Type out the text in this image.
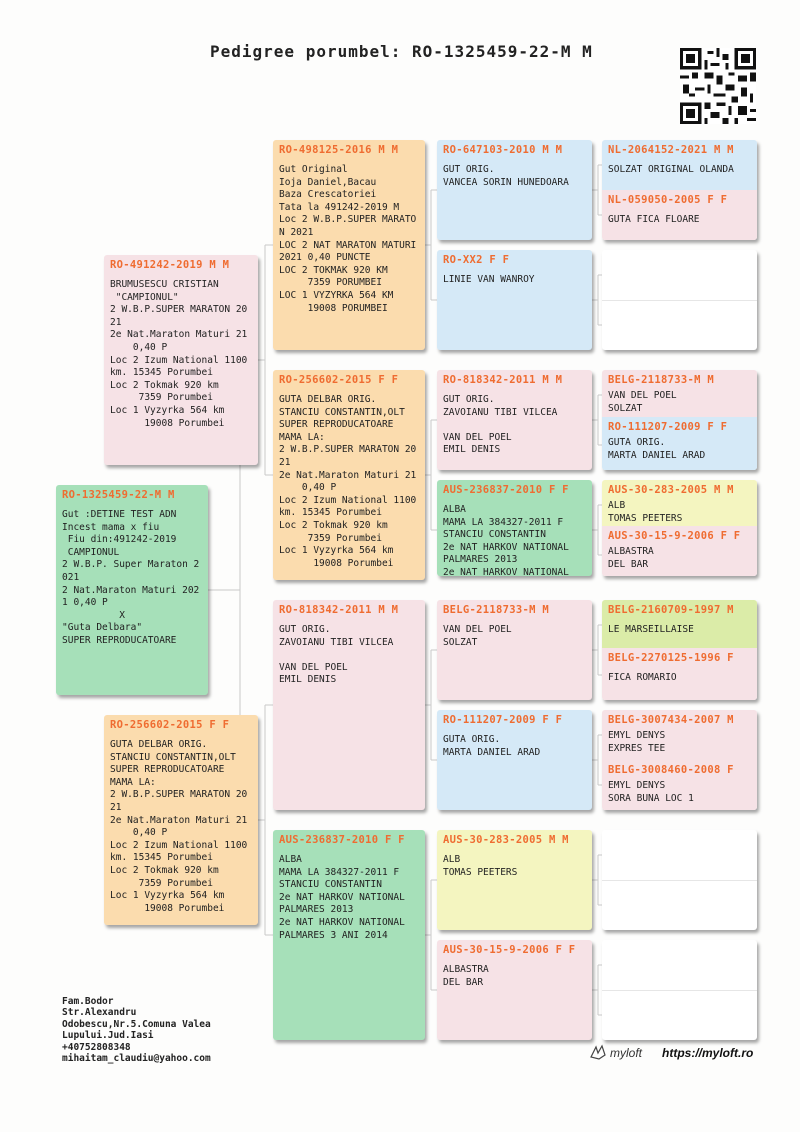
Pedigree porumbel: RO-1325459-22-M M
RO-1325459-22-M M
Gut :DETINE TEST ADN
Incest mama x fiu
Fiu din:491242-2019
CAMPIONUL
2 W.B.P. Super Maraton 2
021
2 Nat.Maraton Maturi 202
1 0,40 P
X
"Guta Delbara"
SUPER REPRODUCATOARE
RO-491242-2019 M M
BRUMUSESCU CRISTIAN
"CAMPIONUL"
2 W.B.P.SUPER MARATON 20
21
2e Nat.Maraton Maturi 21
0,40 P
Loc 2 Izum National 1100
km. 15345 Porumbei
Loc 2 Tokmak 920 km
7359 Porumbei
Loc 1 Vyzyrka 564 km
19008 Porumbei
RO-256602-2015 F F
GUTA DELBAR ORIG.
STANCIU CONSTANTIN,OLT
SUPER REPRODUCATOARE
MAMA LA:
2 W.B.P.SUPER MARATON 20
21
2e Nat.Maraton Maturi 21
0,40 P
Loc 2 Izum National 1100
km. 15345 Porumbei
Loc 2 Tokmak 920 km
7359 Porumbei
Loc 1 Vyzyrka 564 km
19008 Porumbei
RO-498125-2016 M M
Gut Original
Ioja Daniel,Bacau
Baza Crescatoriei
Tata la 491242-2019 M
Loc 2 W.B.P.SUPER MARATO
N 2021
LOC 2 NAT MARATON MATURI
2021 0,40 PUNCTE
LOC 2 TOKMAK 920 KM
7359 PORUMBEI
LOC 1 VYZYRKA 564 KM
19008 PORUMBEI
RO-256602-2015 F F
GUTA DELBAR ORIG.
STANCIU CONSTANTIN,OLT
SUPER REPRODUCATOARE
MAMA LA:
2 W.B.P.SUPER MARATON 20
21
2e Nat.Maraton Maturi 21
0,40 P
Loc 2 Izum National 1100
km. 15345 Porumbei
Loc 2 Tokmak 920 km
7359 Porumbei
Loc 1 Vyzyrka 564 km
19008 Porumbei
RO-818342-2011 M M
GUT ORIG.
ZAVOIANU TIBI VILCEA

VAN DEL POEL
EMIL DENIS
AUS-236837-2010 F F
ALBA
MAMA LA 384327-2011 F
STANCIU CONSTANTIN
2e NAT HARKOV NATIONAL
PALMARES 2013
2e NAT HARKOV NATIONAL
PALMARES 3 ANI 2014
RO-647103-2010 M M
GUT ORIG.
VANCEA SORIN HUNEDOARA
RO-XX2 F F
LINIE VAN WANROY
RO-818342-2011 M M
GUT ORIG.
ZAVOIANU TIBI VILCEA

VAN DEL POEL
EMIL DENIS
AUS-236837-2010 F F
ALBA
MAMA LA 384327-2011 F
STANCIU CONSTANTIN
2e NAT HARKOV NATIONAL
PALMARES 2013
2e NAT HARKOV NATIONAL
BELG-2118733-M M
VAN DEL POEL
SOLZAT
RO-111207-2009 F F
GUTA ORIG.
MARTA DANIEL ARAD
AUS-30-283-2005 M M
ALB
TOMAS PEETERS
AUS-30-15-9-2006 F F
ALBASTRA
DEL BAR
NL-2064152-2021 M M
SOLZAT ORIGINAL OLANDA
NL-059050-2005 F F
GUTA FICA FLOARE
BELG-2118733-M M
VAN DEL POEL
SOLZAT
RO-111207-2009 F F
GUTA ORIG.
MARTA DANIEL ARAD
AUS-30-283-2005 M M
ALB
TOMAS PEETERS
AUS-30-15-9-2006 F F
ALBASTRA
DEL BAR
BELG-2160709-1997 M
LE MARSEILLAISE
BELG-2270125-1996 F
FICA ROMARIO
BELG-3007434-2007 M
EMYL DENYS
EXPRES TEE
BELG-3008460-2008 F
EMYL DENYS
SORA BUNA LOC 1
Fam.Bodor
Str.Alexandru
Odobescu,Nr.5.Comuna Valea
Lupului.Jud.Iasi
+40752808348
mihaitam_claudiu@yahoo.com	myloft https://myloft.ro
